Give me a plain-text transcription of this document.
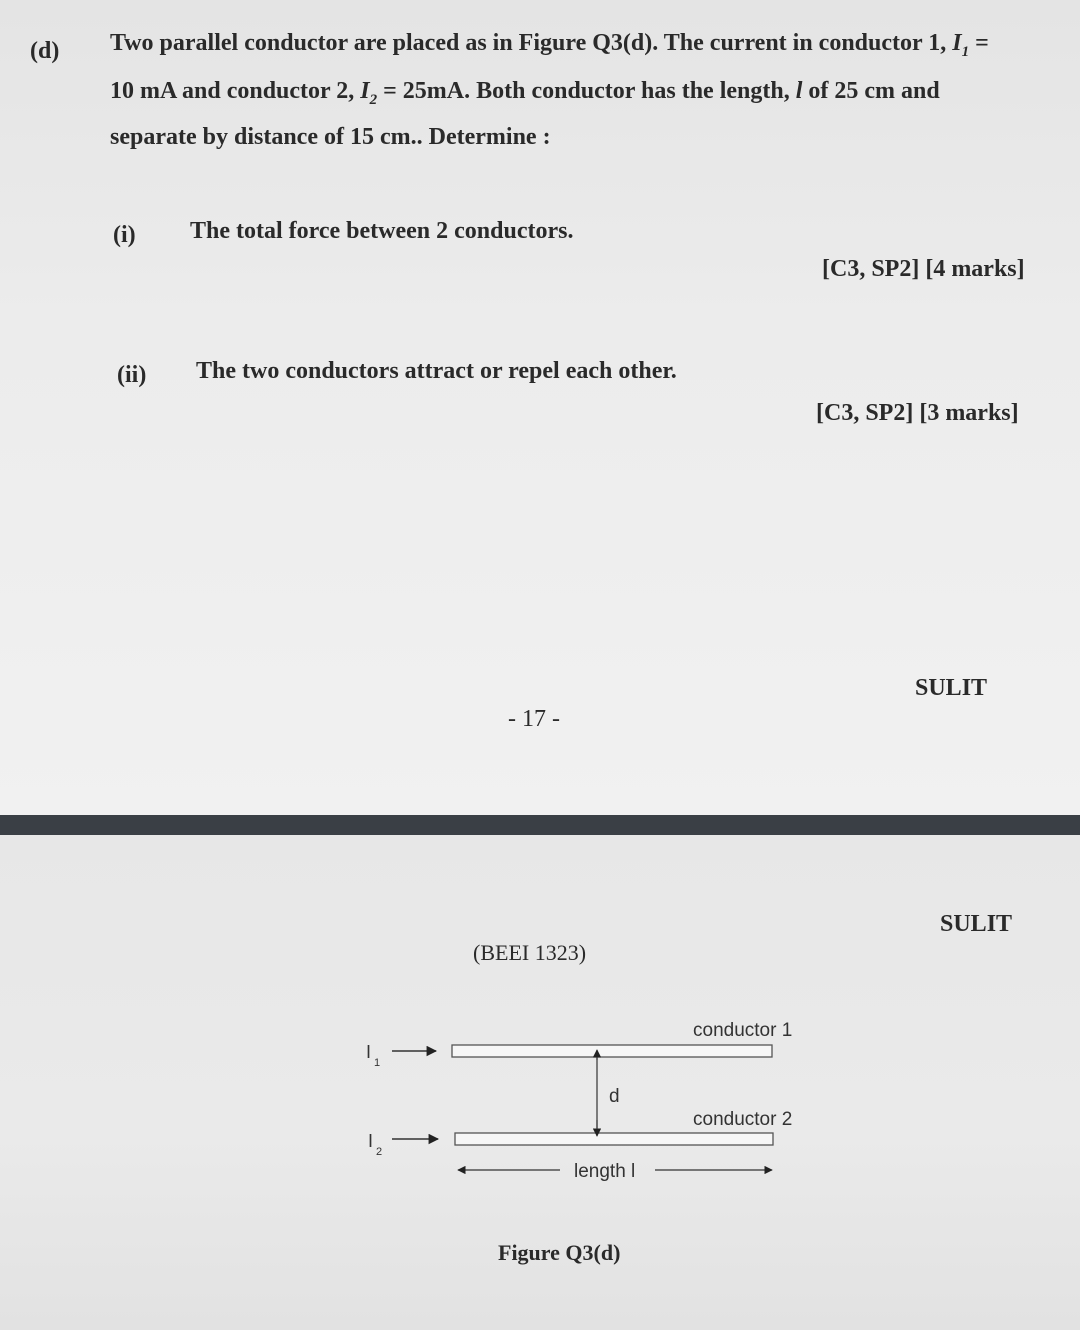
(d) Two parallel conductor are placed as in Figure Q3(d). The current in conductor 1, $I_1$ =
10 mA and conductor 2, $I_2 = 25mA$. Both conductor has the length, l of 25 cm and
separate by distance of 15 cm.. Determine :
(i) The total force between 2 conductors.
[C3, SP2] [4 marks]
(ii) The two conductors attract or repel each other.
[C3, SP2] [3 marks]
SULIT
- 17 -
SULIT
(BEEI 1323)
conductor 1
conductor 2
d
length l
I
1
I
2
Figure Q3(d)
